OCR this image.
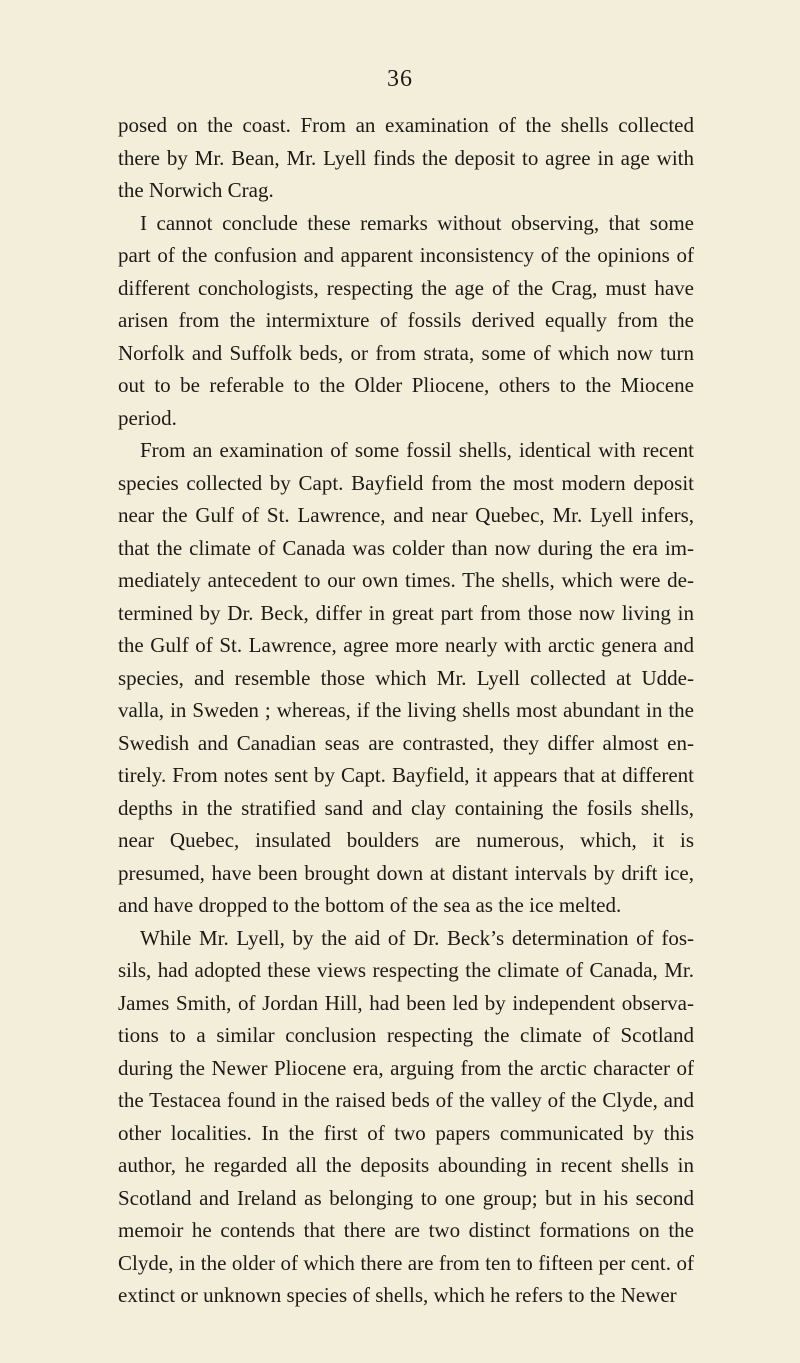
36

posed on the coast. From an examination of the shells collected there by Mr. Bean, Mr. Lyell finds the deposit to agree in age with the Norwich Crag.

I cannot conclude these remarks without observing, that some part of the confusion and apparent inconsistency of the opinions of different conchologists, respecting the age of the Crag, must have arisen from the intermixture of fossils derived equally from the Norfolk and Suffolk beds, or from strata, some of which now turn out to be referable to the Older Pliocene, others to the Miocene period.

From an examination of some fossil shells, identical with recent species collected by Capt. Bayfield from the most modern deposit near the Gulf of St. Lawrence, and near Quebec, Mr. Lyell infers, that the climate of Canada was colder than now during the era im-mediately antecedent to our own times. The shells, which were de-termined by Dr. Beck, differ in great part from those now living in the Gulf of St. Lawrence, agree more nearly with arctic genera and species, and resemble those which Mr. Lyell collected at Udde-valla, in Sweden ; whereas, if the living shells most abundant in the Swedish and Canadian seas are contrasted, they differ almost en-tirely. From notes sent by Capt. Bayfield, it appears that at different depths in the stratified sand and clay containing the fosils shells, near Quebec, insulated boulders are numerous, which, it is presumed, have been brought down at distant intervals by drift ice, and have dropped to the bottom of the sea as the ice melted.

While Mr. Lyell, by the aid of Dr. Beck’s determination of fos-sils, had adopted these views respecting the climate of Canada, Mr. James Smith, of Jordan Hill, had been led by independent observa-tions to a similar conclusion respecting the climate of Scotland during the Newer Pliocene era, arguing from the arctic character of the Testacea found in the raised beds of the valley of the Clyde, and other localities. In the first of two papers communicated by this author, he regarded all the deposits abounding in recent shells in Scotland and Ireland as belonging to one group; but in his second memoir he contends that there are two distinct formations on the Clyde, in the older of which there are from ten to fifteen per cent. of extinct or unknown species of shells, which he refers to the Newer
